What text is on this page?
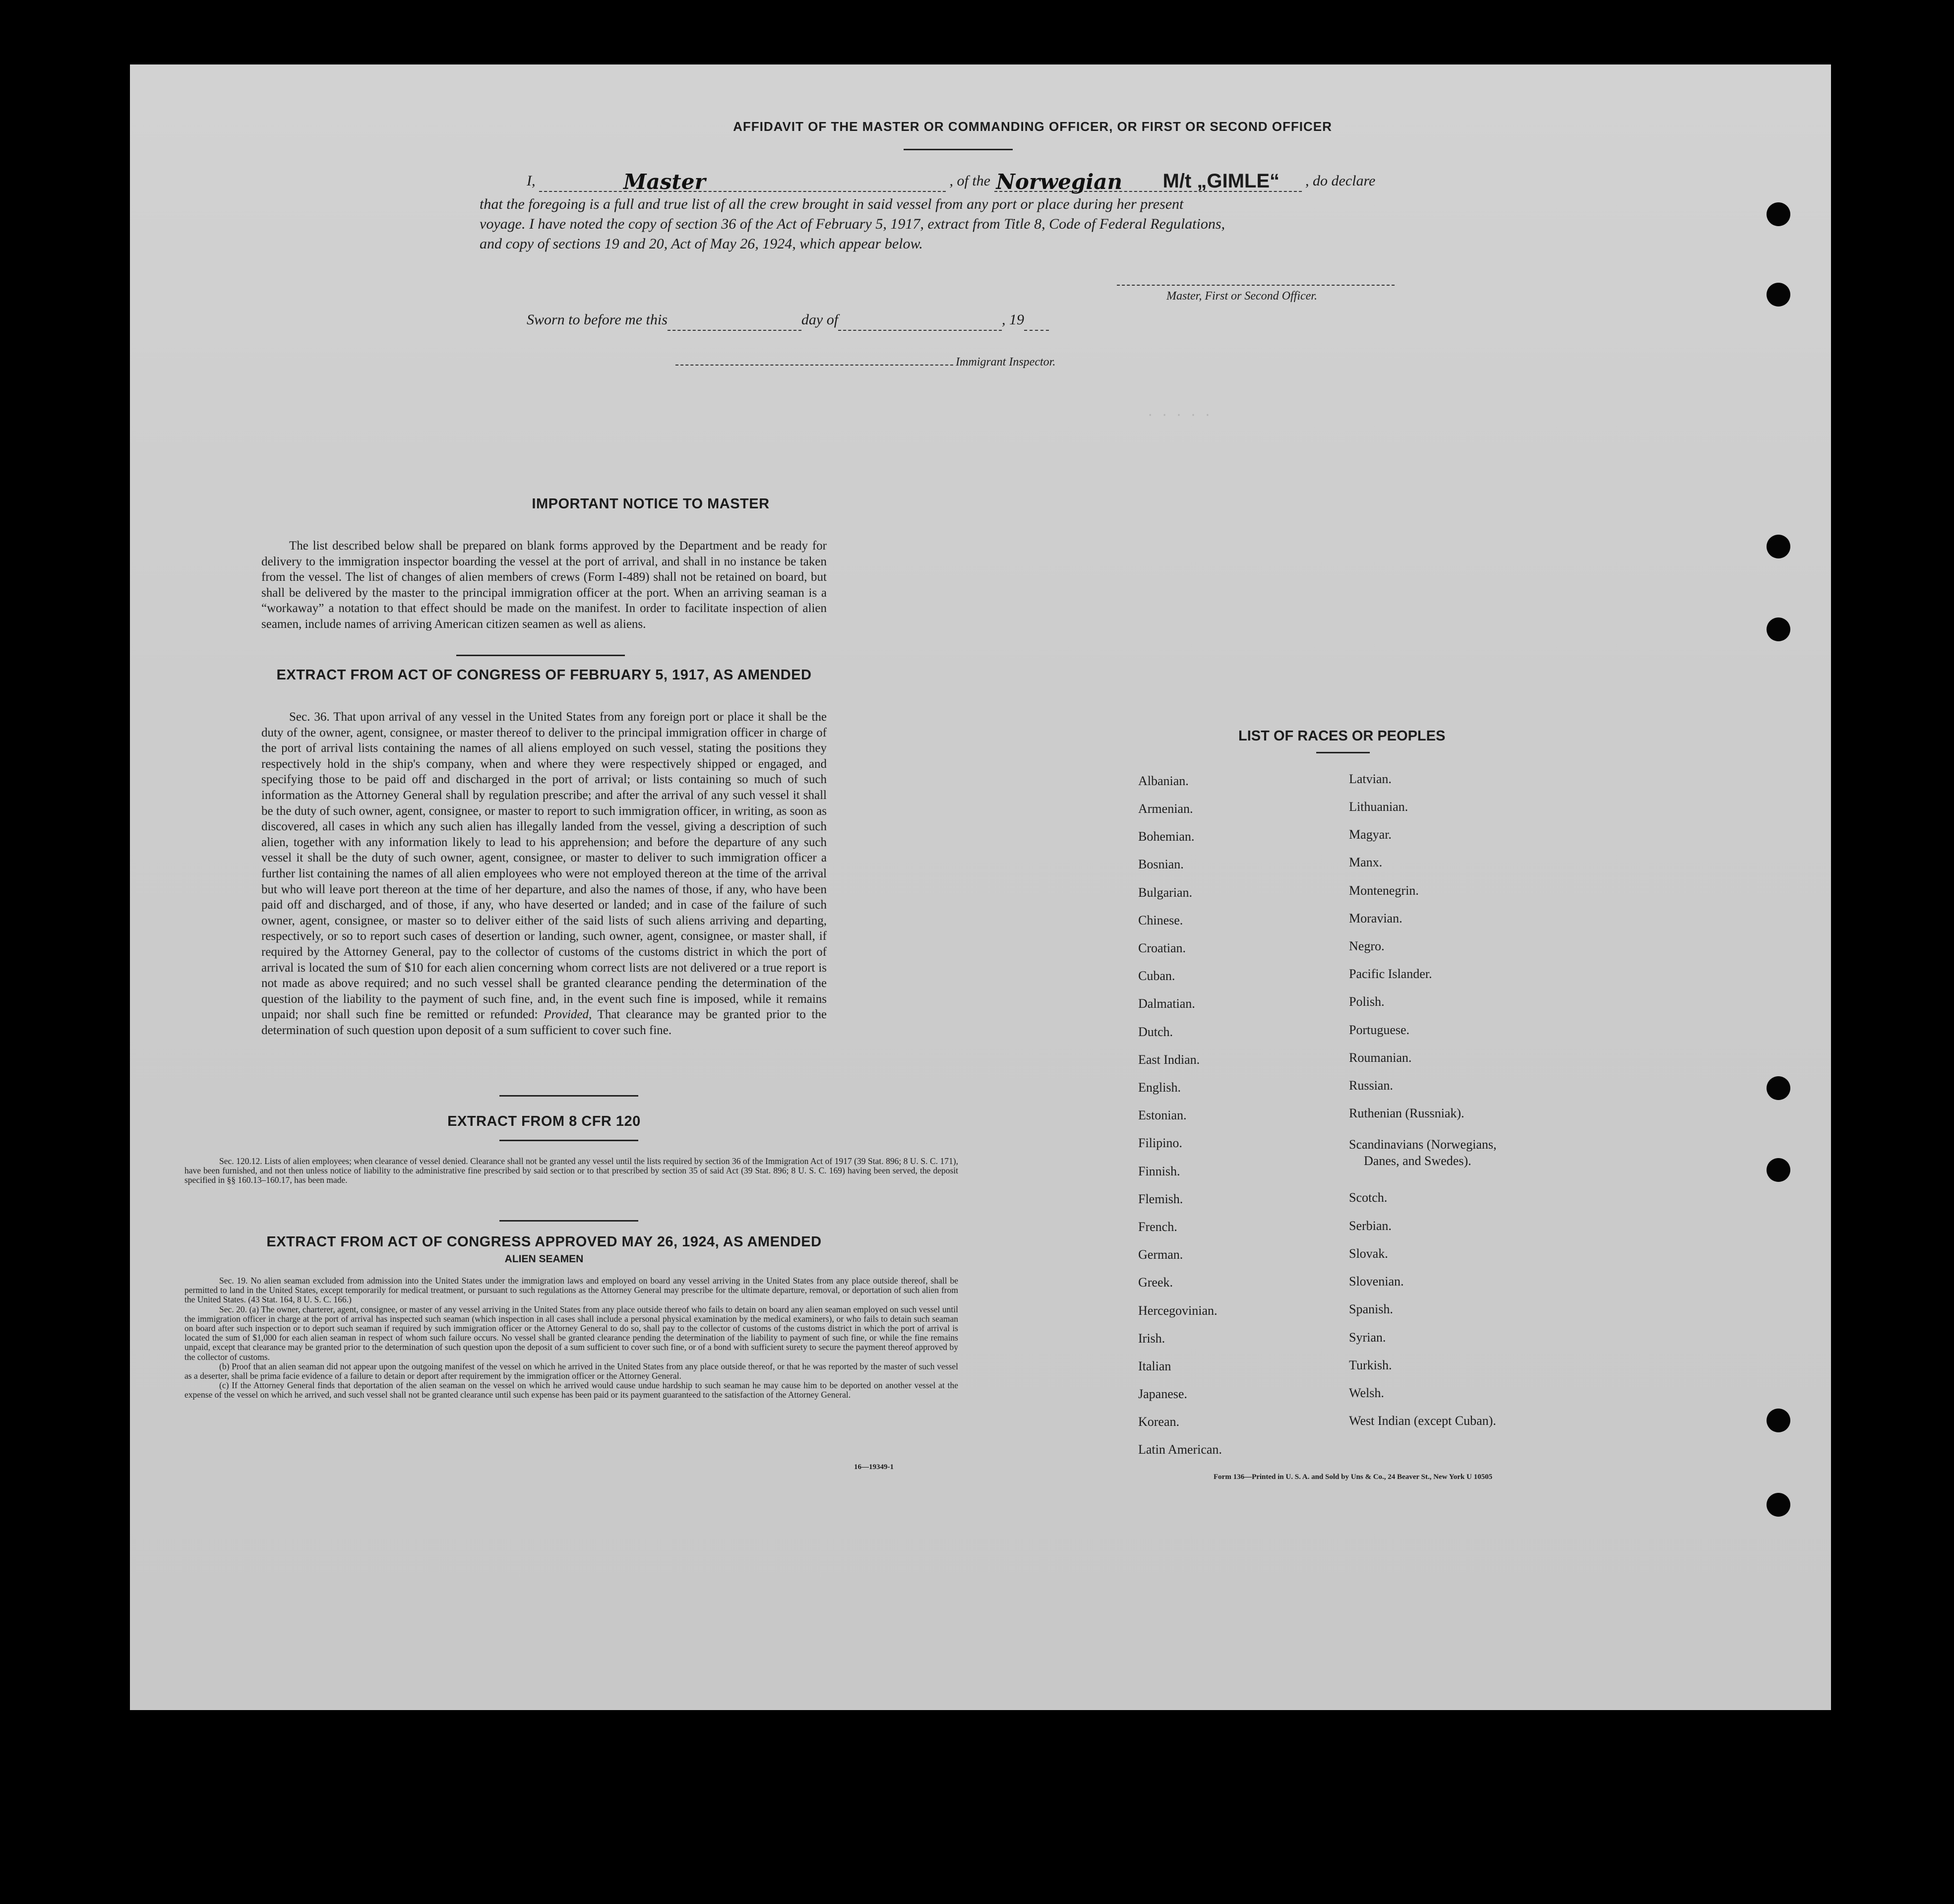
AFFIDAVIT OF THE MASTER OR COMMANDING OFFICER, OR FIRST OR SECOND OFFICER
I,	Master	, of the Norwegian M/t „GIMLE“ , do declare
that the foregoing is a full and true list of all the crew brought in said vessel from any port or place during her present
voyage. I have noted the copy of section 36 of the Act of February 5, 1917, extract from Title 8, Code of Federal Regulations,
and copy of sections 19 and 20, Act of May 26, 1924, which appear below.
Master, First or Second Officer.
Sworn to before me this	day of	, 19
Immigrant Inspector.
· · · · ·
IMPORTANT NOTICE TO MASTER
The list described below shall be prepared on blank forms approved by the Department and be ready for delivery to the immigration inspector boarding the vessel at the port of arrival, and shall in no instance be taken from the vessel. The list of changes of alien members of crews (Form I-489) shall not be retained on board, but shall be delivered by the master to the principal immigration officer at the port. When an arriving seaman is a “workaway” a notation to that effect should be made on the manifest. In order to facilitate inspection of alien seamen, include names of arriving American citizen seamen as well as aliens.
EXTRACT FROM ACT OF CONGRESS OF FEBRUARY 5, 1917, AS AMENDED
Sec. 36. That upon arrival of any vessel in the United States from any foreign port or place it shall be the duty of the owner, agent, consignee, or master thereof to deliver to the principal immigration officer in charge of the port of arrival lists containing the names of all aliens employed on such vessel, stating the positions they respectively hold in the ship's company, when and where they were respectively shipped or engaged, and specifying those to be paid off and discharged in the port of arrival; or lists containing so much of such information as the Attorney General shall by regulation prescribe; and after the arrival of any such vessel it shall be the duty of such owner, agent, consignee, or master to report to such immigration officer, in writing, as soon as discovered, all cases in which any such alien has illegally landed from the vessel, giving a description of such alien, together with any information likely to lead to his apprehension; and before the departure of any such vessel it shall be the duty of such owner, agent, consignee, or master to deliver to such immigration officer a further list containing the names of all alien employees who were not employed thereon at the time of the arrival but who will leave port thereon at the time of her departure, and also the names of those, if any, who have been paid off and discharged, and of those, if any, who have deserted or landed; and in case of the failure of such owner, agent, consignee, or master so to deliver either of the said lists of such aliens arriving and departing, respectively, or so to report such cases of desertion or landing, such owner, agent, consignee, or master shall, if required by the Attorney General, pay to the collector of customs of the customs district in which the port of arrival is located the sum of $10 for each alien concerning whom correct lists are not delivered or a true report is not made as above required; and no such vessel shall be granted clearance pending the determination of the question of the liability to the payment of such fine, and, in the event such fine is imposed, while it remains unpaid; nor shall such fine be remitted or refunded: Provided, That clearance may be granted prior to the determination of such question upon deposit of a sum sufficient to cover such fine.
EXTRACT FROM 8 CFR 120
Sec. 120.12. Lists of alien employees; when clearance of vessel denied. Clearance shall not be granted any vessel until the lists required by section 36 of the Immigration Act of 1917 (39 Stat. 896; 8 U. S. C. 171), have been furnished, and not then unless notice of liability to the administrative fine prescribed by said section or to that prescribed by section 35 of said Act (39 Stat. 896; 8 U. S. C. 169) having been served, the deposit specified in §§ 160.13–160.17, has been made.
EXTRACT FROM ACT OF CONGRESS APPROVED MAY 26, 1924, AS AMENDED
ALIEN SEAMEN
Sec. 19. No alien seaman excluded from admission into the United States under the immigration laws and employed on board any vessel arriving in the United States from any place outside thereof, shall be permitted to land in the United States, except temporarily for medical treatment, or pursuant to such regulations as the Attorney General may prescribe for the ultimate departure, removal, or deportation of such alien from the United States. (43 Stat. 164, 8 U. S. C. 166.)
Sec. 20. (a) The owner, charterer, agent, consignee, or master of any vessel arriving in the United States from any place outside thereof who fails to detain on board any alien seaman employed on such vessel until the immigration officer in charge at the port of arrival has inspected such seaman (which inspection in all cases shall include a personal physical examination by the medical examiners), or who fails to detain such seaman on board after such inspection or to deport such seaman if required by such immigration officer or the Attorney General to do so, shall pay to the collector of customs of the customs district in which the port of arrival is located the sum of $1,000 for each alien seaman in respect of whom such failure occurs. No vessel shall be granted clearance pending the determination of the liability to payment of such fine, or while the fine remains unpaid, except that clearance may be granted prior to the determination of such question upon the deposit of a sum sufficient to cover such fine, or of a bond with sufficient surety to secure the payment thereof approved by the collector of customs.
(b) Proof that an alien seaman did not appear upon the outgoing manifest of the vessel on which he arrived in the United States from any place outside thereof, or that he was reported by the master of such vessel as a deserter, shall be prima facie evidence of a failure to detain or deport after requirement by the immigration officer or the Attorney General.
(c) If the Attorney General finds that deportation of the alien seaman on the vessel on which he arrived would cause undue hardship to such seaman he may cause him to be deported on another vessel at the expense of the vessel on which he arrived, and such vessel shall not be granted clearance until such expense has been paid or its payment guaranteed to the satisfaction of the Attorney General.
16—19349-1
LIST OF RACES OR PEOPLES
Albanian.
Armenian.
Bohemian.
Bosnian.
Bulgarian.
Chinese.
Croatian.
Cuban.
Dalmatian.
Dutch.
East Indian.
English.
Estonian.
Filipino.
Finnish.
Flemish.
French.
German.
Greek.
Hercegovinian.
Irish.
Italian
Japanese.
Korean.
Latin American.
Latvian.
Lithuanian.
Magyar.
Manx.
Montenegrin.
Moravian.
Negro.
Pacific Islander.
Polish.
Portuguese.
Roumanian.
Russian.
Ruthenian (Russniak).
Scandinavians (Norwegians,
Danes, and Swedes).
Scotch.
Serbian.
Slovak.
Slovenian.
Spanish.
Syrian.
Turkish.
Welsh.
West Indian (except Cuban).
Form 136—Printed in U. S. A. and Sold by Uns & Co., 24 Beaver St., New York U 10505
